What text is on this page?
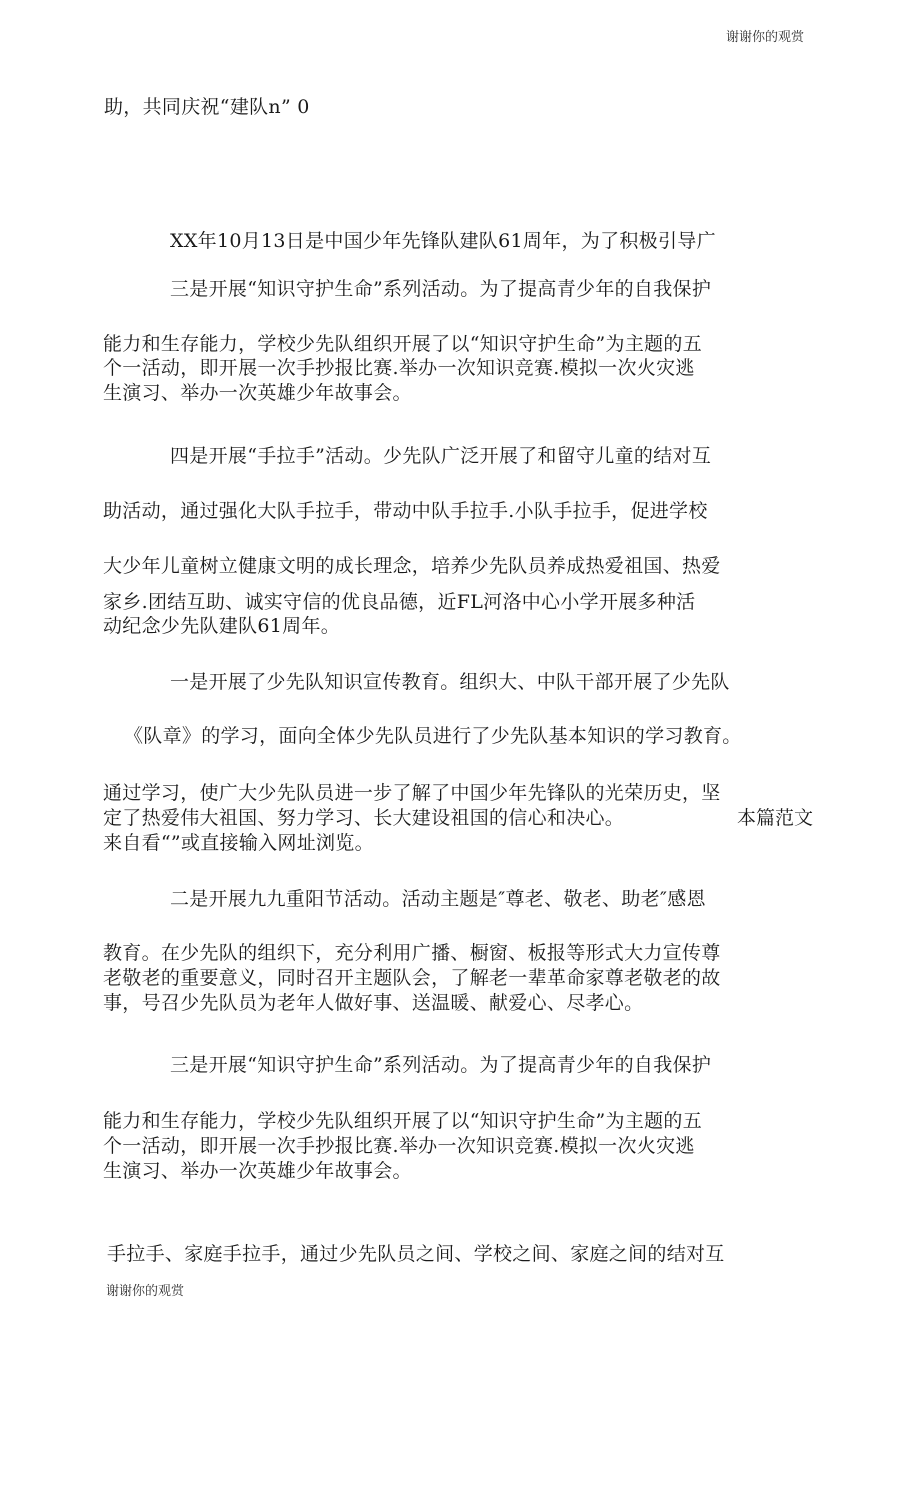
谢谢你的观赏
助，共同庆祝“建队n” 0
XX年10月13日是中国少年先锋队建队61周年，为了积极引导广
三是开展“知识守护生命”系列活动。为了提高青少年的自我保护
能力和生存能力，学校少先队组织开展了以“知识守护生命”为主题的五
个一活动，即开展一次手抄报比赛.举办一次知识竞赛.模拟一次火灾逃
生演习、举办一次英雄少年故事会。
四是开展“手拉手”活动。少先队广泛开展了和留守儿童的结对互
助活动，通过强化大队手拉手，带动中队手拉手.小队手拉手，促进学校
大少年儿童树立健康文明的成长理念，培养少先队员养成热爱祖国、热爱
家乡.团结互助、诚实守信的优良品德，近FL河洛中心小学开展多种活
动纪念少先队建队61周年。
一是开展了少先队知识宣传教育。组织大、中队干部开展了少先队
《队章》的学习，面向全体少先队员进行了少先队基本知识的学习教育。
通过学习，使广大少先队员进一步了解了中国少年先锋队的光荣历史，坚
定了热爱伟大祖国、努力学习、长大建设祖国的信心和决心。	本篇范文
来自看“”或直接输入网址浏览。
二是开展九九重阳节活动。活动主题是″尊老、敬老、助老″感恩
教育。在少先队的组织下，充分利用广播、橱窗、板报等形式大力宣传尊
老敬老的重要意义，同时召开主题队会，了解老一辈革命家尊老敬老的故
事，号召少先队员为老年人做好事、送温暖、献爱心、尽孝心。
三是开展“知识守护生命”系列活动。为了提高青少年的自我保护
能力和生存能力，学校少先队组织开展了以“知识守护生命”为主题的五
个一活动，即开展一次手抄报比赛.举办一次知识竞赛.模拟一次火灾逃
生演习、举办一次英雄少年故事会。
手拉手、家庭手拉手，通过少先队员之间、学校之间、家庭之间的结对互
谢谢你的观赏
